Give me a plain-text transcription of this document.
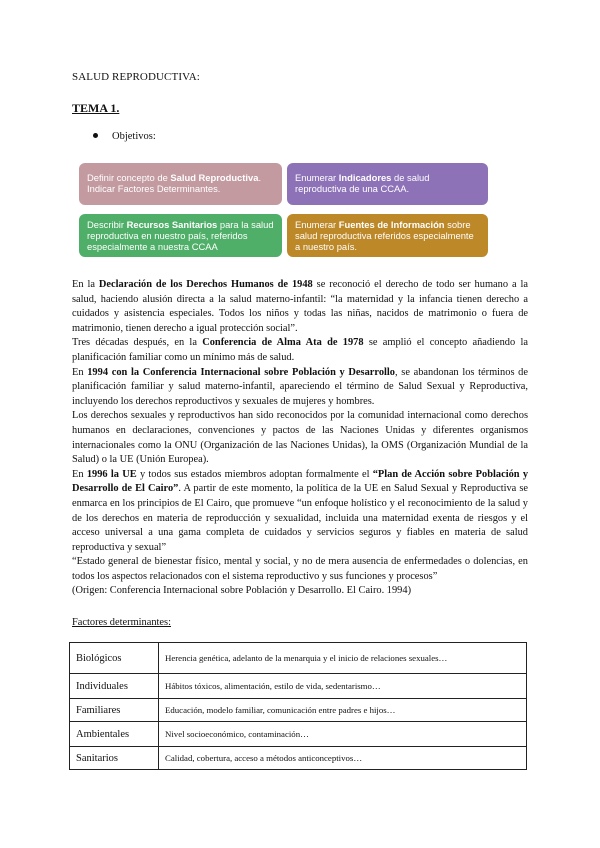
SALUD REPRODUCTIVA:
TEMA 1.
Objetivos:
Definir concepto de Salud Reproductiva. Indicar Factores Determinantes.
Enumerar Indicadores de salud reproductiva de una CCAA.
Describir Recursos Sanitarios para la salud reproductiva en nuestro país, referidos especialmente a nuestra CCAA
Enumerar Fuentes de Información sobre salud reproductiva referidos especialmente a nuestro país.

En la Declaración de los Derechos Humanos de 1948 se reconoció el derecho de todo ser humano a la salud, haciendo alusión directa a la salud materno-infantil: “la maternidad y la infancia tienen derecho a cuidados y asistencia especiales. Todos los niños y todas las niñas, nacidos de matrimonio o fuera de matrimonio, tienen derecho a igual protección social”.

Tres décadas después, en la Conferencia de Alma Ata de 1978 se amplió el concepto añadiendo la planificación familiar como un mínimo más de salud.

En 1994 con la Conferencia Internacional sobre Población y Desarrollo, se abandonan los términos de planificación familiar y salud materno-infantil, apareciendo el término de Salud Sexual y Reproductiva, incluyendo los derechos reproductivos y sexuales de mujeres y hombres.

Los derechos sexuales y reproductivos han sido reconocidos por la comunidad internacional como derechos humanos en declaraciones, convenciones y pactos de las Naciones Unidas y diferentes organismos internacionales como la ONU (Organización de las Naciones Unidas), la OMS (Organización Mundial de la Salud) o la UE (Unión Europea).

En 1996 la UE y todos sus estados miembros adoptan formalmente el “Plan de Acción sobre Población y Desarrollo de El Cairo”. A partir de este momento, la política de la UE en Salud Sexual y Reproductiva se enmarca en los principios de El Cairo, que promueve “un enfoque holístico y el reconocimiento de la salud y de los derechos en materia de reproducción y sexualidad, incluida una maternidad exenta de riesgos y el acceso universal a una gama completa de cuidados y servicios seguros y fiables en materia de salud reproductiva y sexual”

“Estado general de bienestar físico, mental y social, y no de mera ausencia de enfermedades o dolencias, en todos los aspectos relacionados con el sistema reproductivo y sus funciones y procesos”

(Origen: Conferencia Internacional sobre Población y Desarrollo. El Cairo. 1994)

Factores determinantes:
Biológicos	Herencia genética, adelanto de la menarquia y el inicio de relaciones sexuales…
Individuales	Hábitos tóxicos, alimentación, estilo de vida, sedentarismo…
Familiares	Educación, modelo familiar, comunicación entre padres e hijos…
Ambientales	Nivel socioeconómico, contaminación…
Sanitarios	Calidad, cobertura, acceso a métodos anticonceptivos…
